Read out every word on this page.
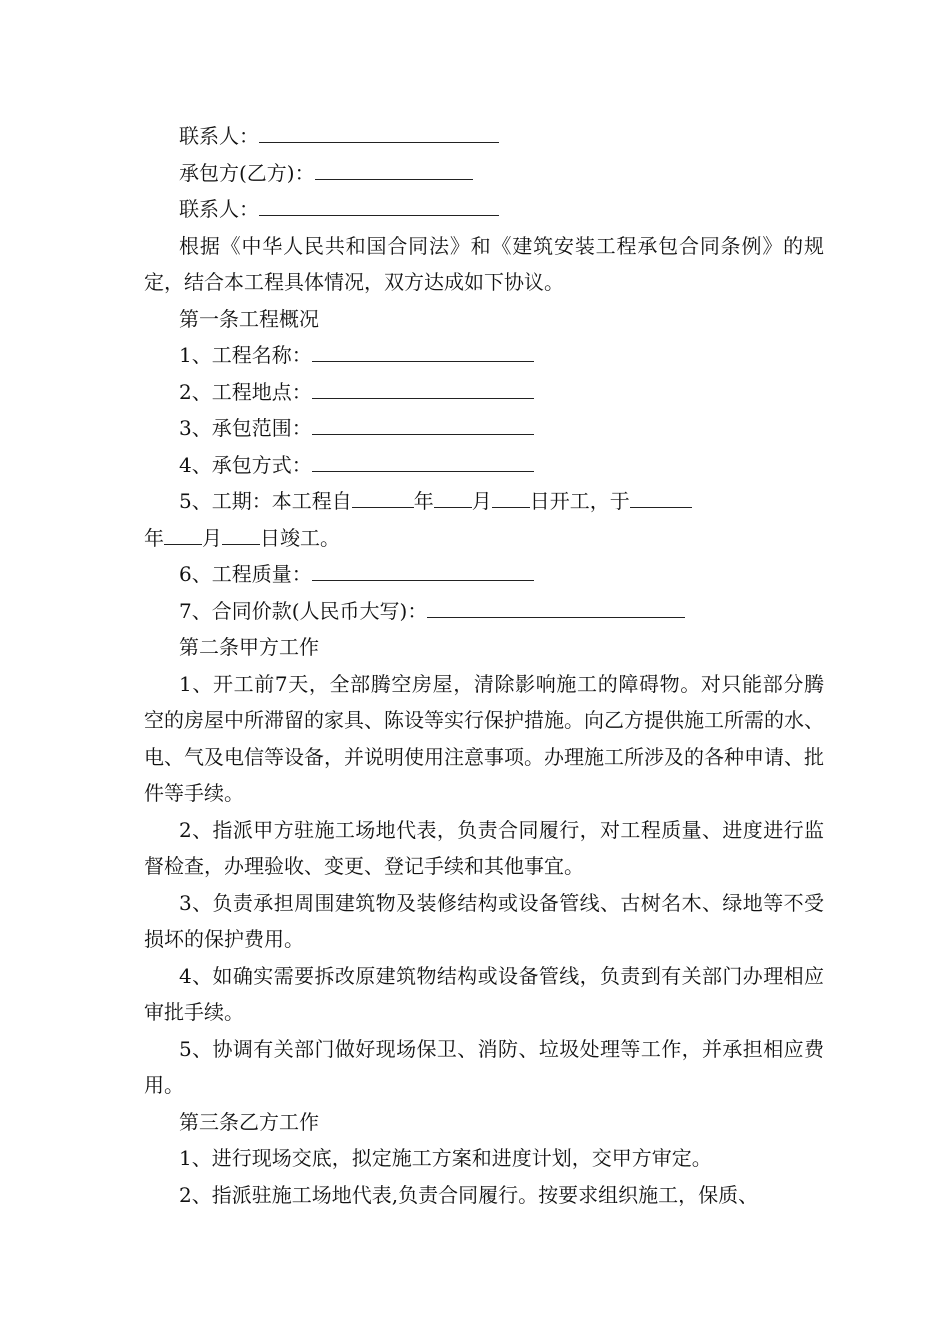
联系人：
承包方(乙方)：
联系人：
根据《中华人民共和国合同法》和《建筑安装工程承包合同条例》的规定，结合本工程具体情况，双方达成如下协议。
第一条工程概况
1、工程名称：
2、工程地点：
3、承包范围：
4、承包方式：
5、工期：本工程自	年 月 日开工，于
年 月 日竣工。
6、工程质量：
7、合同价款(人民币大写)：
第二条甲方工作
1、开工前7天，全部腾空房屋，清除影响施工的障碍物。对只能部分腾空的房屋中所滞留的家具、陈设等实行保护措施。向乙方提供施工所需的水、电、气及电信等设备，并说明使用注意事项。办理施工所涉及的各种申请、批件等手续。
2、指派甲方驻施工场地代表，负责合同履行，对工程质量、进度进行监督检查，办理验收、变更、登记手续和其他事宜。
3、负责承担周围建筑物及装修结构或设备管线、古树名木、绿地等不受损坏的保护费用。
4、如确实需要拆改原建筑物结构或设备管线，负责到有关部门办理相应审批手续。
5、协调有关部门做好现场保卫、消防、垃圾处理等工作，并承担相应费用。
第三条乙方工作
1、进行现场交底，拟定施工方案和进度计划，交甲方审定。
2、指派驻施工场地代表,负责合同履行。按要求组织施工，保质、
